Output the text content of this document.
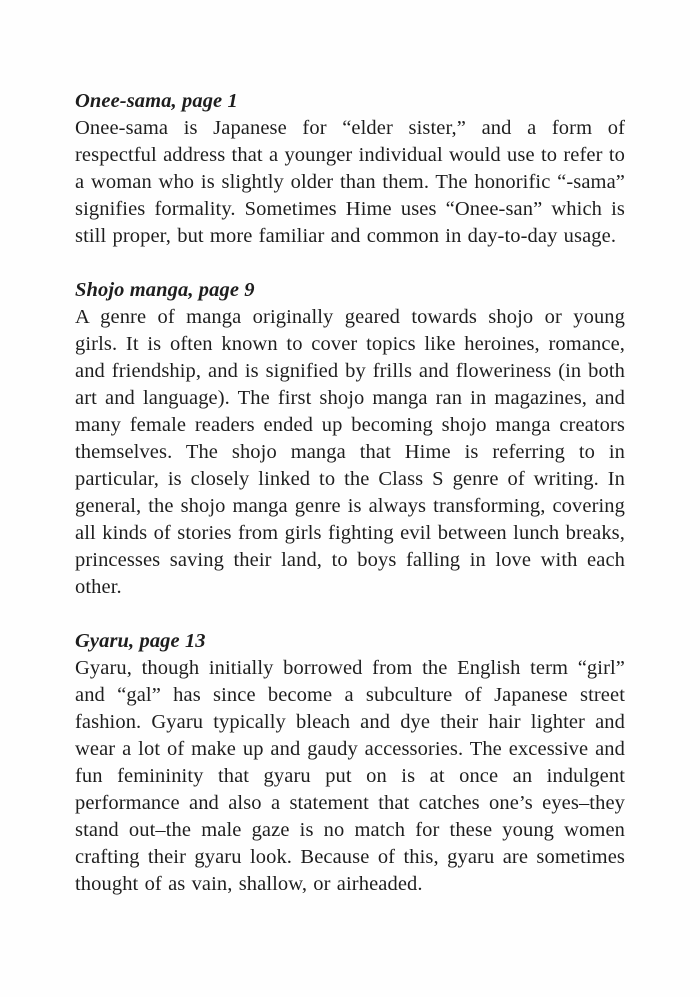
Onee-sama, page 1

Onee-sama is Japanese for “elder sister,” and a form of respectful address that a younger individual would use to refer to a woman who is slightly older than them. The honorific “-sama” signifies formality. Sometimes Hime uses “Onee-san” which is still proper, but more familiar and common in day-to-day usage.

Shojo manga, page 9

A genre of manga originally geared towards shojo or young girls. It is often known to cover topics like heroines, romance, and friendship, and is signified by frills and floweriness (in both art and language). The first shojo manga ran in magazines, and many female readers ended up becoming shojo manga creators themselves. The shojo manga that Hime is referring to in particular, is closely linked to the Class S genre of writing. In general, the shojo manga genre is always transforming, covering all kinds of stories from girls fighting evil between lunch breaks, princesses saving their land, to boys falling in love with each other.

Gyaru, page 13

Gyaru, though initially borrowed from the English term “girl” and “gal” has since become a subculture of Japanese street fashion. Gyaru typically bleach and dye their hair lighter and wear a lot of make up and gaudy accessories. The excessive and fun femininity that gyaru put on is at once an indulgent performance and also a statement that catches one’s eyes–they stand out–the male gaze is no match for these young women crafting their gyaru look. Because of this, gyaru are sometimes thought of as vain, shallow, or airheaded.
